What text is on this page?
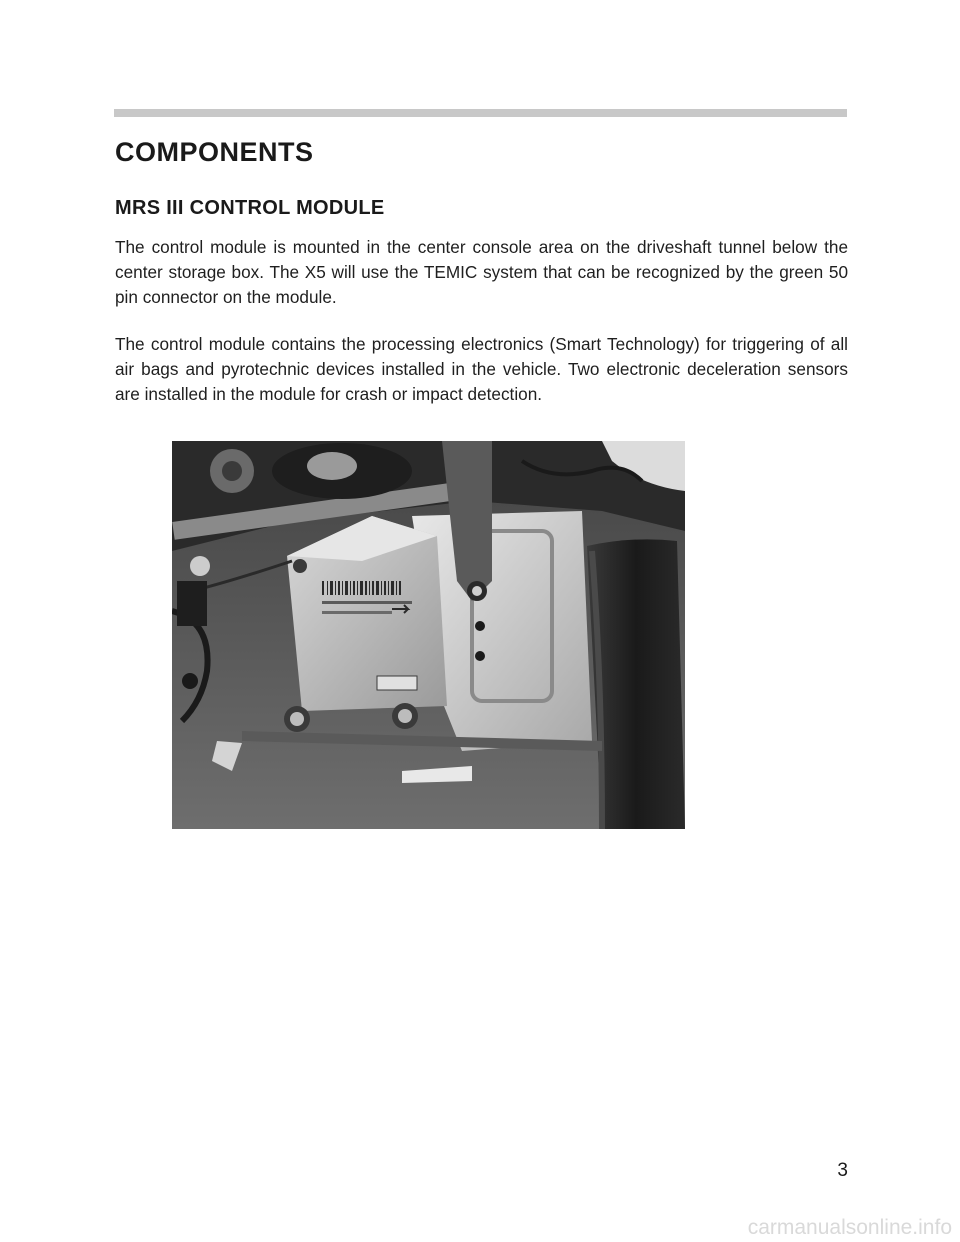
COMPONENTS
MRS III CONTROL MODULE

The control module is mounted in the center console area on the driveshaft tunnel below the center storage box. The X5 will use the TEMIC system that can be recognized by the green 50 pin connector on the module.

The control module contains the processing electronics (Smart Technology) for triggering of all air bags and pyrotechnic devices installed in the vehicle. Two electronic deceleration sensors are installed in the module for crash or impact detection.

3
carmanualsonline.info
